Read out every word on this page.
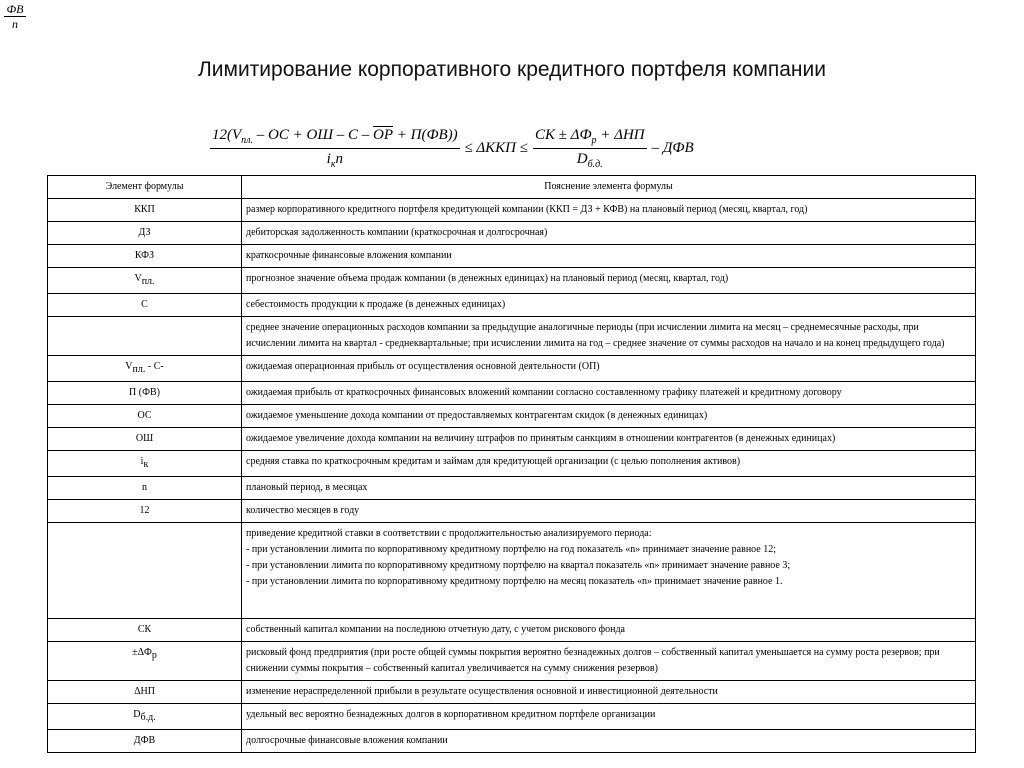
ФВ
n
Лимитирование корпоративного кредитного портфеля компании
$\frac{12(V_{пл.} - ОС + ОШ - С - ОР + П(ФВ))}{i_кn} \le \Delta ККП \le \frac{СК \pm \Delta Ф_р + \Delta НП}{D_{б.д.}}$ – ДФВ
Элемент формулы	Пояснение элемента формулы
ККП	размер корпоративного кредитного портфеля кредитующей компании (ККП = ДЗ + КФВ) на плановый период (месяц, квартал, год)

ДЗ	дебиторская задолженность компании (краткосрочная и долгосрочная)

КФЗ	краткосрочные финансовые вложения компании

$V_{пл.}$	прогнозное значение объема продаж компании (в денежных единицах) на плановый период (месяц, квартал, год)

С	себестоимость продукции к продаже (в денежных единицах)

	среднее значение операционных расходов компании за предыдущие аналогичные периоды (при исчислении лимита на месяц – среднемесячные расходы, при исчислении лимита на квартал - среднеквартальные; при исчислении лимита на год – среднее значение от суммы расходов на начало и на конец предыдущего года)

$V_{пл.} - С-$	ожидаемая операционная прибыль от осуществления основной деятельности (ОП)

П (ФВ)	ожидаемая прибыль от краткосрочных финансовых вложений компании согласно составленному графику платежей и кредитному договору

ОС	ожидаемое уменьшение дохода компании от предоставляемых контрагентам скидок (в денежных единицах)

ОШ	ожидаемое увеличение дохода компании на величину штрафов по принятым санкциям в отношении контрагентов (в денежных единицах)

$i_к$	средняя ставка по краткосрочным кредитам и займам для кредитующей организации (с целью пополнения активов)

n	плановый период, в месяцах

12	количество месяцев в году

	приведение кредитной ставки в соответствии с продолжительностью анализируемого периода:
- при установлении лимита по корпоративному кредитному портфелю на год показатель «n» принимает значение равное 12;
- при установлении лимита по корпоративному кредитному портфелю на квартал показатель «n» принимает значение равное 3;
- при установлении лимита по корпоративному кредитному портфелю на месяц показатель «n» принимает значение равное 1.

СК	собственный капитал компании на последнюю отчетную дату, с учетом рискового фонда

$\pm\Delta Ф_р$	рисковый фонд предприятия (при росте общей суммы покрытия вероятно безнадежных долгов – собственный капитал уменьшается на сумму роста резервов; при снижении суммы покрытия – собственный капитал увеличивается на сумму снижения резервов)

ΔНП	изменение нераспределенной прибыли в результате осуществления основной и инвестиционной деятельности

$D_{б.д.}$	удельный вес вероятно безнадежных долгов в корпоративном кредитном портфеле организации

ДФВ	долгосрочные финансовые вложения компании
